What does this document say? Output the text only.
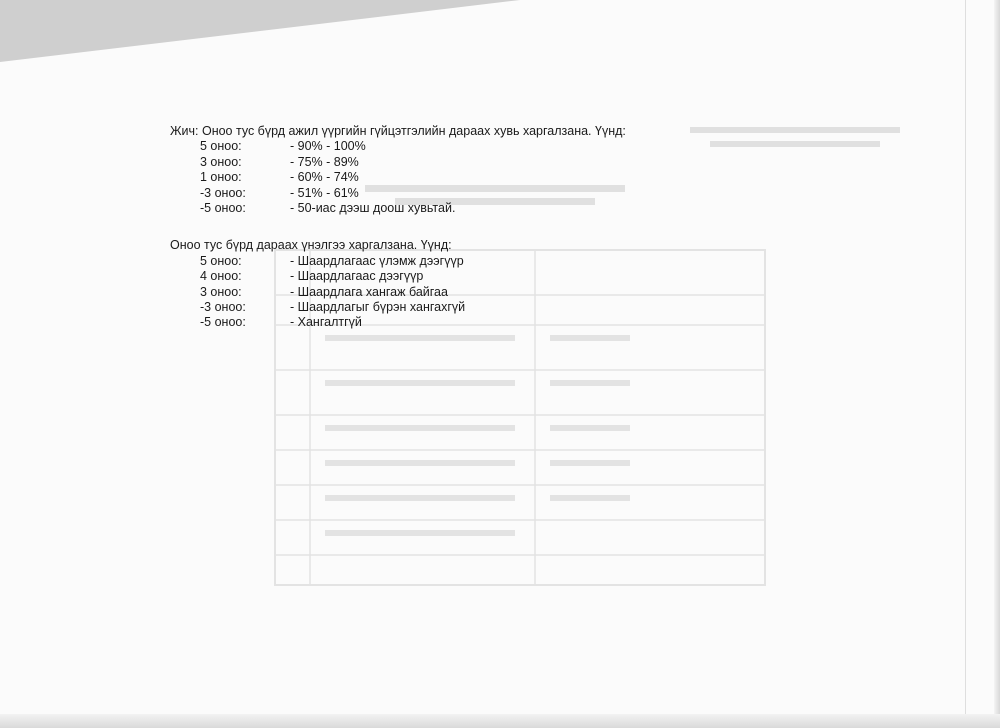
Жич: Оноо тус бүрд ажил үүргийн гүйцэтгэлийн дараах хувь харгалзана. Үүнд:
5 оноо:	- 90% - 100%
3 оноо:	- 75% - 89%
1 оноо:	- 60% - 74%
-3 оноо:	- 51% - 61%
-5 оноо:	- 50-иас дээш доош хувьтай.
Оноо тус бүрд дараах үнэлгээ харгалзана. Үүнд:
5 оноо:	- Шаардлагаас үлэмж дээгүүр
4 оноо:	- Шаардлагаас дээгүүр
3 оноо:	- Шаардлага хангаж байгаа
-3 оноо:	- Шаардлагыг бүрэн хангахгүй
-5 оноо:	- Хангалтгүй
